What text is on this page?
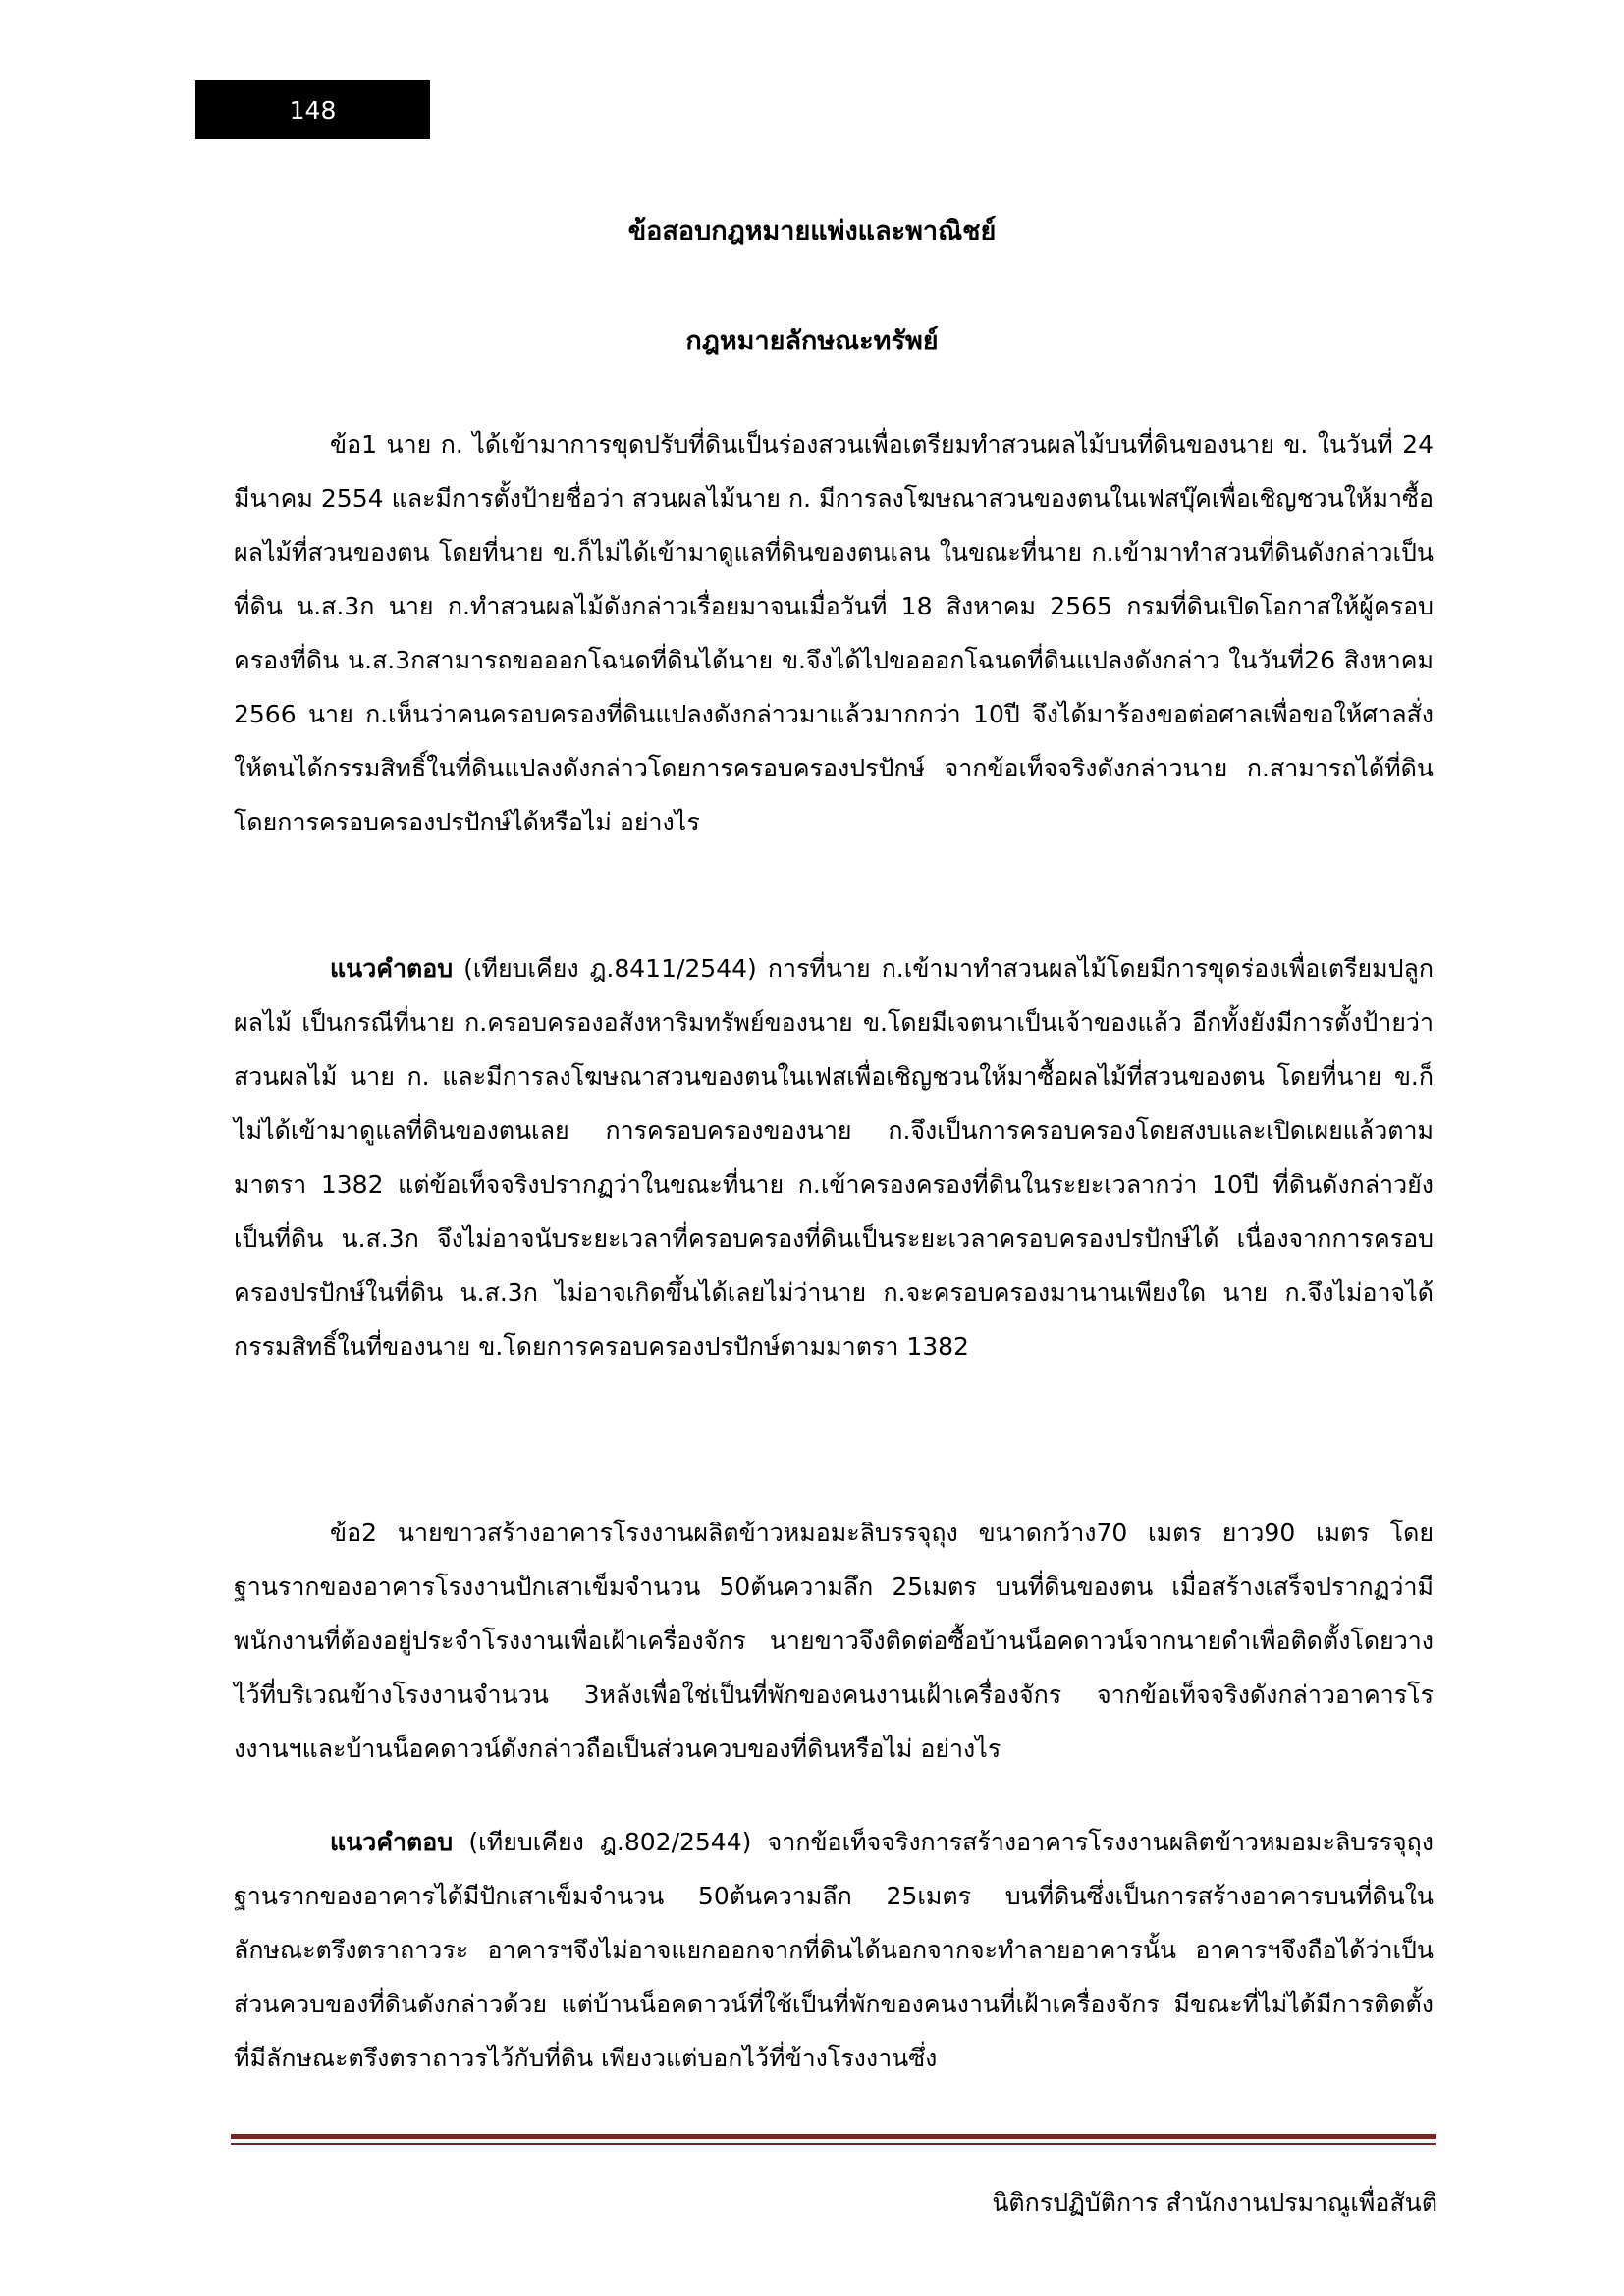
148
ข้อสอบกฎหมายแพ่งและพาณิชย์
กฎหมายลักษณะทรัพย์

ข้อ1 นาย ก. ได้เข้ามาการขุดปรับที่ดินเป็นร่องสวนเพื่อเตรียมทำสวนผลไม้บนที่ดินของนาย ข. ในวันที่ 24 มีนาคม 2554 และมีการตั้งป้ายชื่อว่า สวนผลไม้นาย ก. มีการลงโฆษณาสวนของตนในเฟสบุ๊คเพื่อเชิญชวนให้มาซื้อผลไม้ที่สวนของตน โดยที่นาย ข.ก็ไม่ได้เข้ามาดูแลที่ดินของตนเลน ในขณะที่นาย ก.เข้ามาทำสวนที่ดินดังกล่าวเป็นที่ดิน น.ส.3ก นาย ก.ทำสวนผลไม้ดังกล่าวเรื่อยมาจนเมื่อวันที่ 18 สิงหาคม 2565 กรมที่ดินเปิดโอกาสให้ผู้ครอบครองที่ดิน น.ส.3กสามารถขอออกโฉนดที่ดินได้นาย ข.จึงได้ไปขอออกโฉนดที่ดินแปลงดังกล่าว ในวันที่26 สิงหาคม 2566 นาย ก.เห็นว่าคนครอบครองที่ดินแปลงดังกล่าวมาแล้วมากกว่า 10ปี จึงได้มาร้องขอต่อศาลเพื่อขอให้ศาลสั่งให้ตนได้กรรมสิทธิ์ในที่ดินแปลงดังกล่าวโดยการครอบครองปรปักษ์ จากข้อเท็จจริงดังกล่าวนาย ก.สามารถได้ที่ดินโดยการครอบครองปรปักษ์ได้หรือไม่ อย่างไร

แนวคำตอบ (เทียบเคียง ฎ.8411/2544) การที่นาย ก.เข้ามาทำสวนผลไม้โดยมีการขุดร่องเพื่อเตรียมปลูกผลไม้ เป็นกรณีที่นาย ก.ครอบครองอสังหาริมทรัพย์ของนาย ข.โดยมีเจตนาเป็นเจ้าของแล้ว อีกทั้งยังมีการตั้งป้ายว่า สวนผลไม้ นาย ก. และมีการลงโฆษณาสวนของตนในเฟสเพื่อเชิญชวนให้มาซื้อผลไม้ที่สวนของตน โดยที่นาย ข.ก็ไม่ได้เข้ามาดูแลที่ดินของตนเลย การครอบครองของนาย ก.จึงเป็นการครอบครองโดยสงบและเปิดเผยแล้วตามมาตรา 1382 แต่ข้อเท็จจริงปรากฏว่าในขณะที่นาย ก.เข้าครองครองที่ดินในระยะเวลากว่า 10ปี ที่ดินดังกล่าวยังเป็นที่ดิน น.ส.3ก จึงไม่อาจนับระยะเวลาที่ครอบครองที่ดินเป็นระยะเวลาครอบครองปรปักษ์ได้ เนื่องจากการครอบครองปรปักษ์ในที่ดิน น.ส.3ก ไม่อาจเกิดขึ้นได้เลยไม่ว่านาย ก.จะครอบครองมานานเพียงใด นาย ก.จึงไม่อาจได้กรรมสิทธิ์ในที่ของนาย ข.โดยการครอบครองปรปักษ์ตามมาตรา 1382

ข้อ2 นายขาวสร้างอาคารโรงงานผลิตข้าวหมอมะลิบรรจุถุง ขนาดกว้าง70 เมตร ยาว90 เมตร โดยฐานรากของอาคารโรงงานปักเสาเข็มจำนวน 50ต้นความลึก 25เมตร บนที่ดินของตน เมื่อสร้างเสร็จปรากฏว่ามีพนักงานที่ต้องอยู่ประจำโรงงานเพื่อเฝ้าเครื่องจักร นายขาวจึงติดต่อซื้อบ้านน็อคดาวน์จากนายดำเพื่อติดตั้งโดยวางไว้ที่บริเวณข้างโรงงานจำนวน 3หลังเพื่อใช่เป็นที่พักของคนงานเฝ้าเครื่องจักร จากข้อเท็จจริงดังกล่าวอาคารโรงงานฯและบ้านน็อคดาวน์ดังกล่าวถือเป็นส่วนควบของที่ดินหรือไม่ อย่างไร

แนวคำตอบ (เทียบเคียง ฎ.802/2544) จากข้อเท็จจริงการสร้างอาคารโรงงานผลิตข้าวหมอมะลิบรรจุถุง ฐานรากของอาคารได้มีปักเสาเข็มจำนวน 50ต้นความลึก 25เมตร บนที่ดินซึ่งเป็นการสร้างอาคารบนที่ดินในลักษณะตรึงตราถาวระ อาคารฯจึงไม่อาจแยกออกจากที่ดินได้นอกจากจะทำลายอาคารนั้น อาคารฯจึงถือได้ว่าเป็นส่วนควบของที่ดินดังกล่าวด้วย แต่บ้านน็อคดาวน์ที่ใช้เป็นที่พักของคนงานที่เฝ้าเครื่องจักร มีขณะที่ไม่ได้มีการติดตั้งที่มีลักษณะตรึงตราถาวรไว้กับที่ดิน เพียงวแต่บอกไว้ที่ข้างโรงงานซึ่ง

นิติกรปฏิบัติการ สำนักงานปรมาณูเพื่อสันติ
